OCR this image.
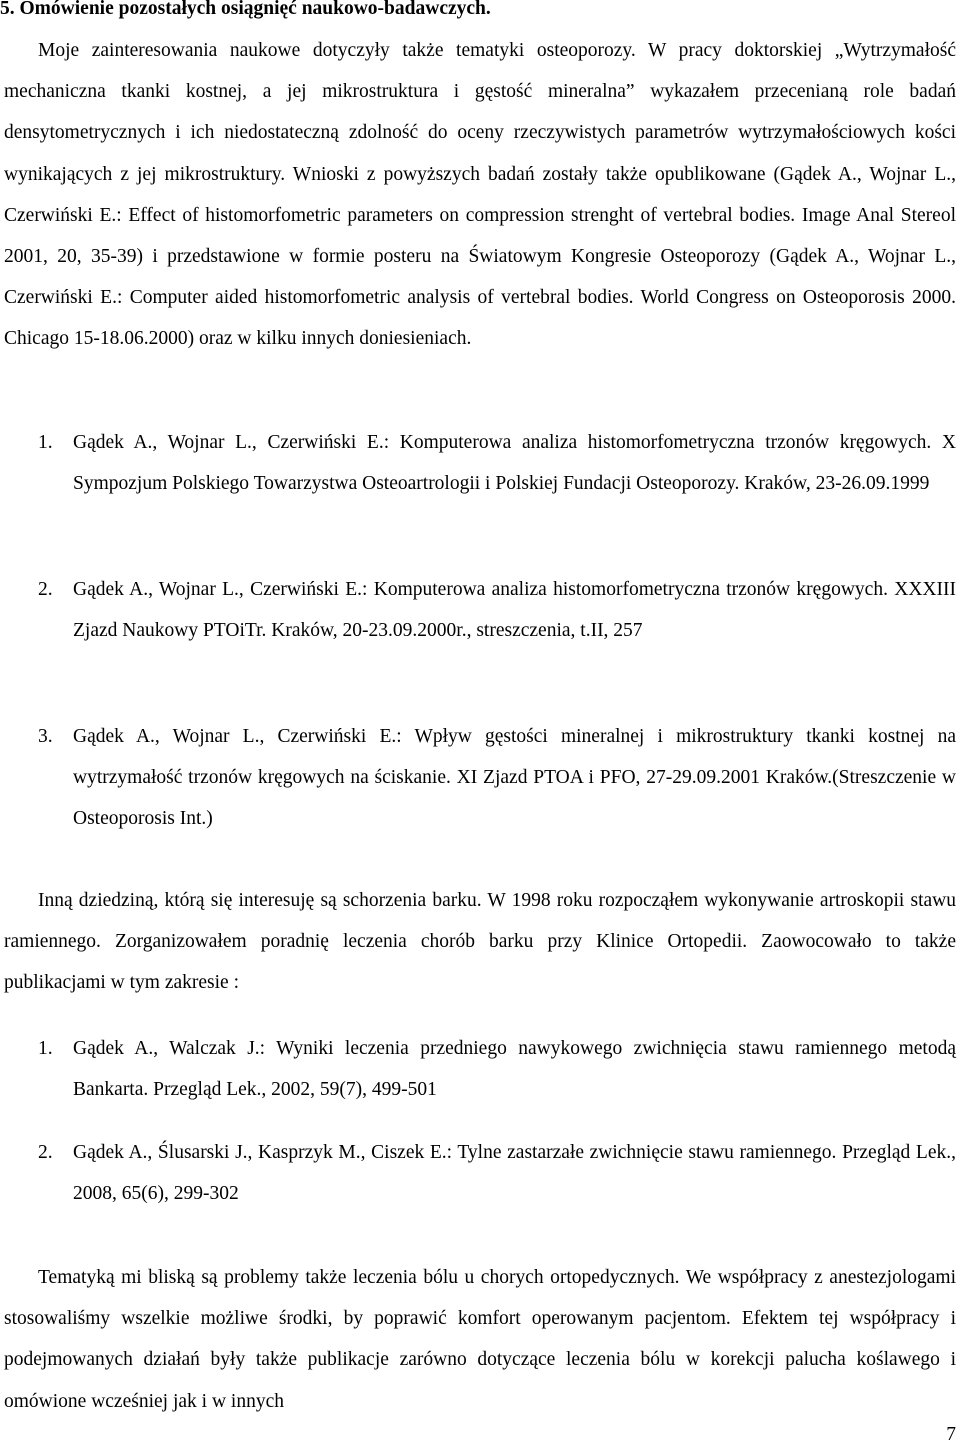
5. Omówienie pozostałych osiągnięć naukowo-badawczych.

Moje zainteresowania naukowe dotyczyły także tematyki osteoporozy. W pracy doktorskiej „Wytrzymałość mechaniczna tkanki kostnej, a jej mikrostruktura i gęstość mineralna” wykazałem przecenianą role badań densytometrycznych i ich niedostateczną zdolność do oceny rzeczywistych parametrów wytrzymałościowych kości wynikających z jej mikrostruktury. Wnioski z powyższych badań zostały także opublikowane (Gądek A., Wojnar L., Czerwiński E.: Effect of histomorfometric parameters on compression strenght of vertebral bodies. Image Anal Stereol 2001, 20, 35-39) i przedstawione w formie posteru na Światowym Kongresie Osteoporozy (Gądek A., Wojnar L., Czerwiński E.: Computer aided histomorfometric analysis of vertebral bodies. World Congress on Osteoporosis 2000. Chicago 15-18.06.2000) oraz w kilku innych doniesieniach.

1. Gądek A., Wojnar L., Czerwiński E.: Komputerowa analiza histomorfometryczna trzonów kręgowych. X Sympozjum Polskiego Towarzystwa Osteoartrologii i Polskiej Fundacji Osteoporozy. Kraków, 23-26.09.1999
2. Gądek A., Wojnar L., Czerwiński E.: Komputerowa analiza histomorfometryczna trzonów kręgowych. XXXIII Zjazd Naukowy PTOiTr. Kraków, 20-23.09.2000r., streszczenia, t.II, 257
3. Gądek A., Wojnar L., Czerwiński E.: Wpływ gęstości mineralnej i mikrostruktury tkanki kostnej na wytrzymałość trzonów kręgowych na ściskanie. XI Zjazd PTOA i PFO, 27-29.09.2001 Kraków.(Streszczenie w Osteoporosis Int.)

Inną dziedziną, którą się interesuję są schorzenia barku. W 1998 roku rozpocząłem wykonywanie artroskopii stawu ramiennego. Zorganizowałem poradnię leczenia chorób barku przy Klinice Ortopedii. Zaowocowało to także publikacjami w tym zakresie :

1. Gądek A., Walczak J.: Wyniki leczenia przedniego nawykowego zwichnięcia stawu ramiennego metodą Bankarta. Przegląd Lek., 2002, 59(7), 499-501
2. Gądek A., Ślusarski J., Kasprzyk M., Ciszek E.: Tylne zastarzałe zwichnięcie stawu ramiennego. Przegląd Lek., 2008, 65(6), 299-302

Tematyką mi bliską są problemy także leczenia bólu u chorych ortopedycznych. We współpracy z anestezjologami stosowaliśmy wszelkie możliwe środki, by poprawić komfort operowanym pacjentom. Efektem tej współpracy i podejmowanych działań były także publikacje zarówno dotyczące leczenia bólu w korekcji palucha koślawego i omówione wcześniej jak i w innych

7
